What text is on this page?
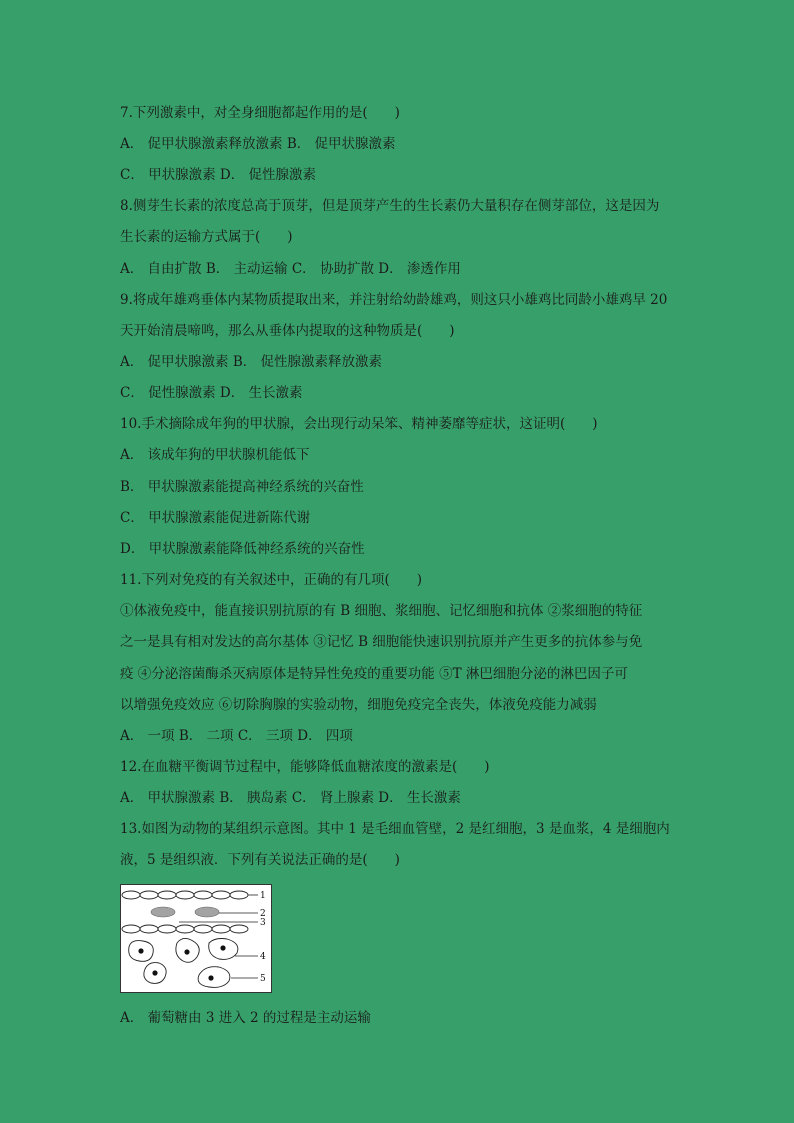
7.下列激素中，对全身细胞都起作用的是(　　)
A． 促甲状腺激素释放激素 B． 促甲状腺激素
C． 甲状腺激素 D． 促性腺激素
8.侧芽生长素的浓度总高于顶芽，但是顶芽产生的生长素仍大量积存在侧芽部位，这是因为
生长素的运输方式属于(　　)
A． 自由扩散 B． 主动运输 C． 协助扩散 D． 渗透作用
9.将成年雄鸡垂体内某物质提取出来，并注射给幼龄雄鸡，则这只小雄鸡比同龄小雄鸡早 20
天开始清晨啼鸣，那么从垂体内提取的这种物质是(　　)
A． 促甲状腺激素 B． 促性腺激素释放激素
C． 促性腺激素 D． 生长激素
10.手术摘除成年狗的甲状腺，会出现行动呆笨、精神萎靡等症状，这证明(　　)
A． 该成年狗的甲状腺机能低下
B． 甲状腺激素能提高神经系统的兴奋性
C． 甲状腺激素能促进新陈代谢
D． 甲状腺激素能降低神经系统的兴奋性
11.下列对免疫的有关叙述中，正确的有几项(　　)
①体液免疫中，能直接识别抗原的有 B 细胞、浆细胞、记忆细胞和抗体 ②浆细胞的特征
之一是具有相对发达的高尔基体 ③记忆 B 细胞能快速识别抗原并产生更多的抗体参与免
疫 ④分泌溶菌酶杀灭病原体是特异性免疫的重要功能 ⑤T 淋巴细胞分泌的淋巴因子可
以增强免疫效应 ⑥切除胸腺的实验动物，细胞免疫完全丧失，体液免疫能力减弱
A． 一项 B． 二项 C． 三项 D． 四项
12.在血糖平衡调节过程中，能够降低血糖浓度的激素是(　　)
A． 甲状腺激素 B． 胰岛素 C． 肾上腺素 D． 生长激素
13.如图为动物的某组织示意图。其中 1 是毛细血管壁，2 是红细胞，3 是血浆，4 是细胞内
液，5 是组织液．下列有关说法正确的是(　　)
1
2
3
4
5
A． 葡萄糖由 3 进入 2 的过程是主动运输
